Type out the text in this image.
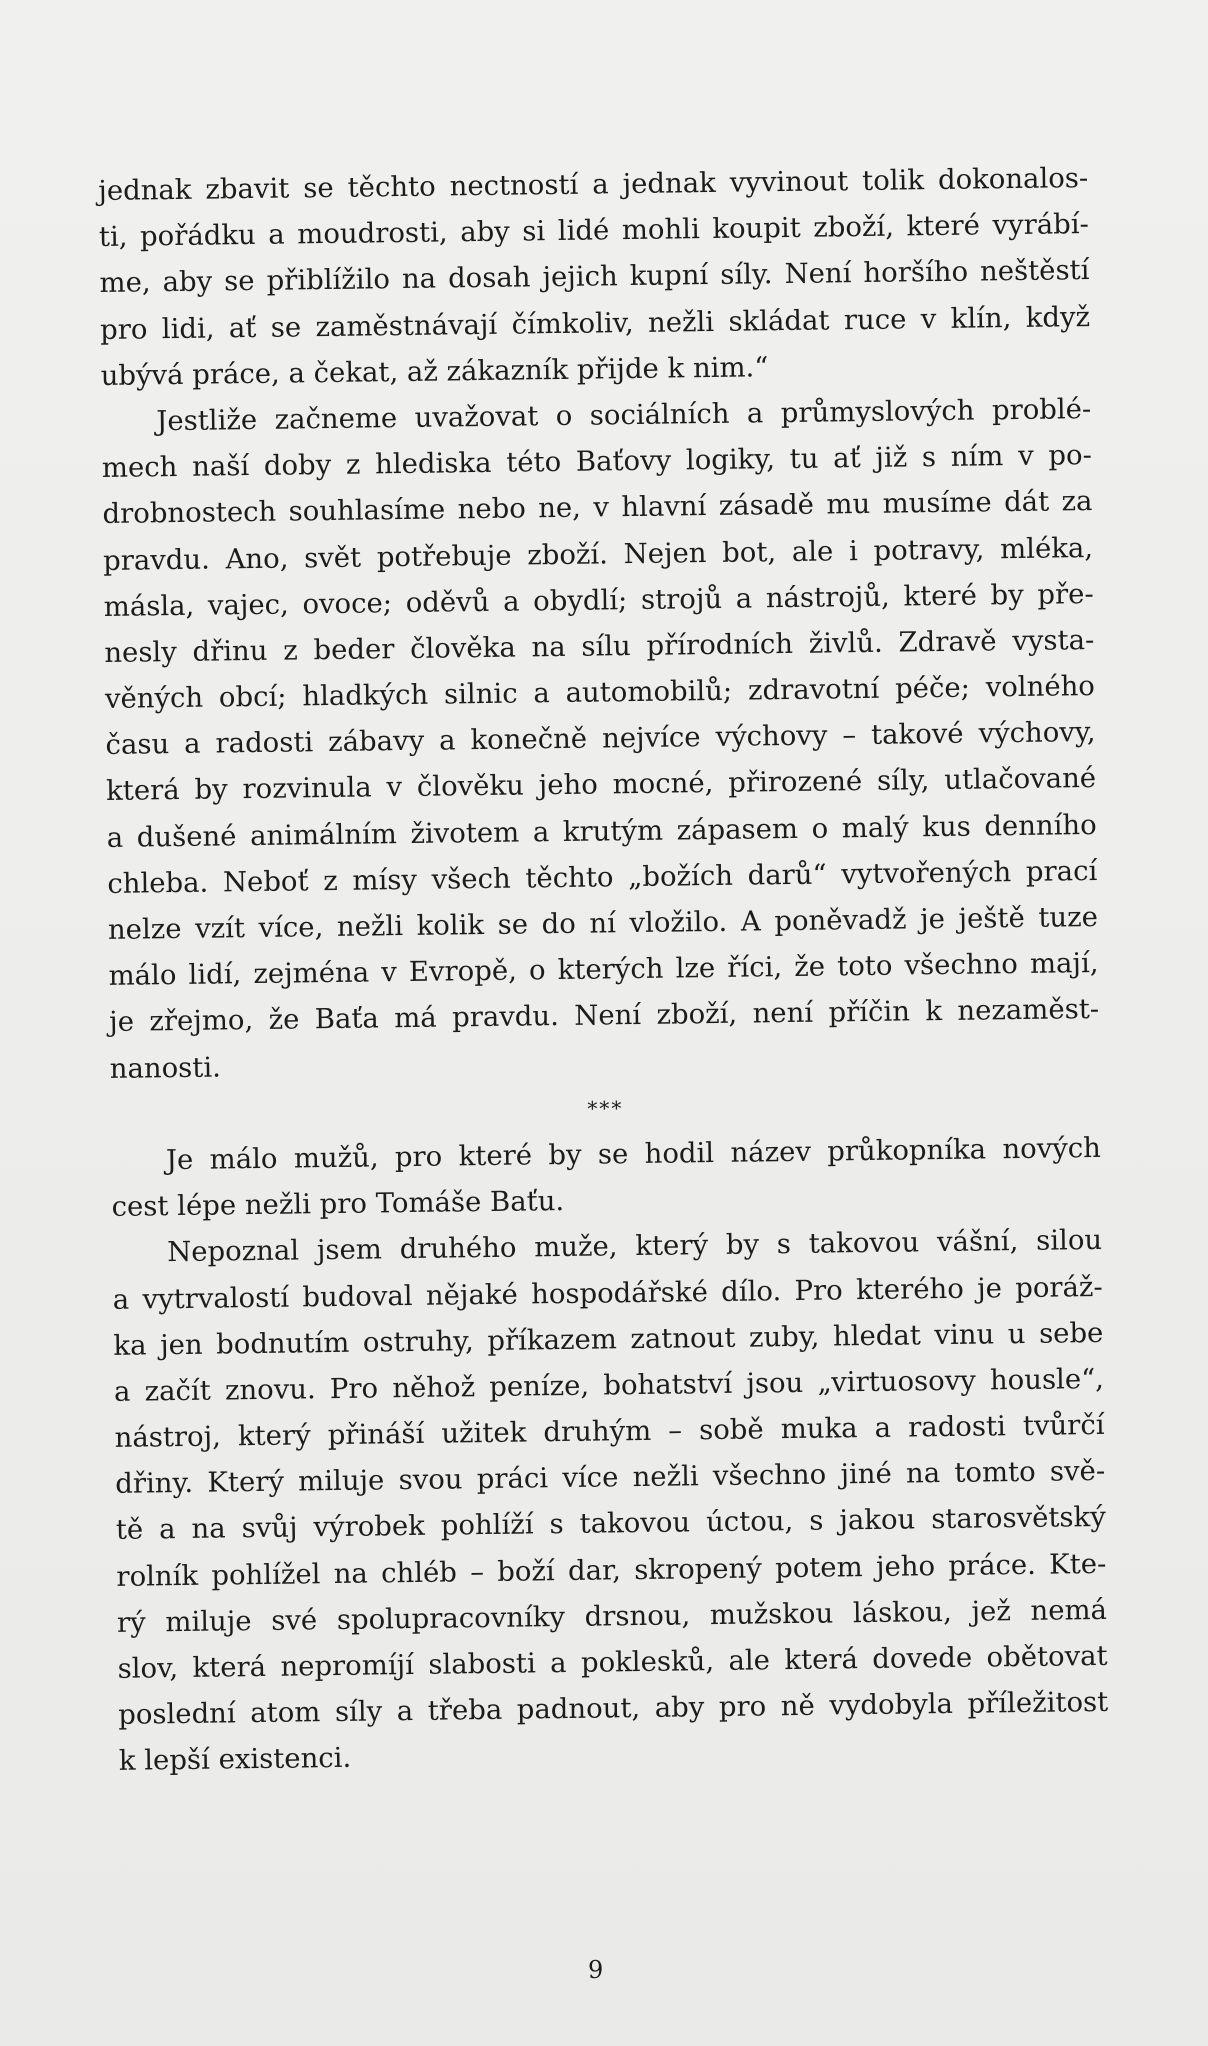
jednak zbavit se těchto nectností a jednak vyvinout tolik dokonalos-
ti, pořádku a moudrosti, aby si lidé mohli koupit zboží, které vyrábí-
me, aby se přiblížilo na dosah jejich kupní síly. Není horšího neštěstí
pro lidi, ať se zaměstnávají čímkoliv, nežli skládat ruce v klín, když
ubývá práce, a čekat, až zákazník přijde k nim.“
Jestliže začneme uvažovat o sociálních a průmyslových problé-
mech naší doby z hlediska této Baťovy logiky, tu ať již s ním v po-
drobnostech souhlasíme nebo ne, v hlavní zásadě mu musíme dát za
pravdu. Ano, svět potřebuje zboží. Nejen bot, ale i potravy, mléka,
másla, vajec, ovoce; oděvů a obydlí; strojů a nástrojů, které by pře-
nesly dřinu z beder člověka na sílu přírodních živlů. Zdravě vysta-
věných obcí; hladkých silnic a automobilů; zdravotní péče; volného
času a radosti zábavy a konečně nejvíce výchovy – takové výchovy,
která by rozvinula v člověku jeho mocné, přirozené síly, utlačované
a dušené animálním životem a krutým zápasem o malý kus denního
chleba. Neboť z mísy všech těchto „božích darů“ vytvořených prací
nelze vzít více, nežli kolik se do ní vložilo. A poněvadž je ještě tuze
málo lidí, zejména v Evropě, o kterých lze říci, že toto všechno mají,
je zřejmo, že Baťa má pravdu. Není zboží, není příčin k nezaměst-
nanosti.
***
Je málo mužů, pro které by se hodil název průkopníka nových
cest lépe nežli pro Tomáše Baťu.
Nepoznal jsem druhého muže, který by s takovou vášní, silou
a vytrvalostí budoval nějaké hospodářské dílo. Pro kterého je poráž-
ka jen bodnutím ostruhy, příkazem zatnout zuby, hledat vinu u sebe
a začít znovu. Pro něhož peníze, bohatství jsou „virtuosovy housle“,
nástroj, který přináší užitek druhým – sobě muka a radosti tvůrčí
dřiny. Který miluje svou práci více nežli všechno jiné na tomto svě-
tě a na svůj výrobek pohlíží s takovou úctou, s jakou starosvětský
rolník pohlížel na chléb – boží dar, skropený potem jeho práce. Kte-
rý miluje své spolupracovníky drsnou, mužskou láskou, jež nemá
slov, která nepromíjí slabosti a poklesků, ale která dovede obětovat
poslední atom síly a třeba padnout, aby pro ně vydobyla příležitost
k lepší existenci.
9
